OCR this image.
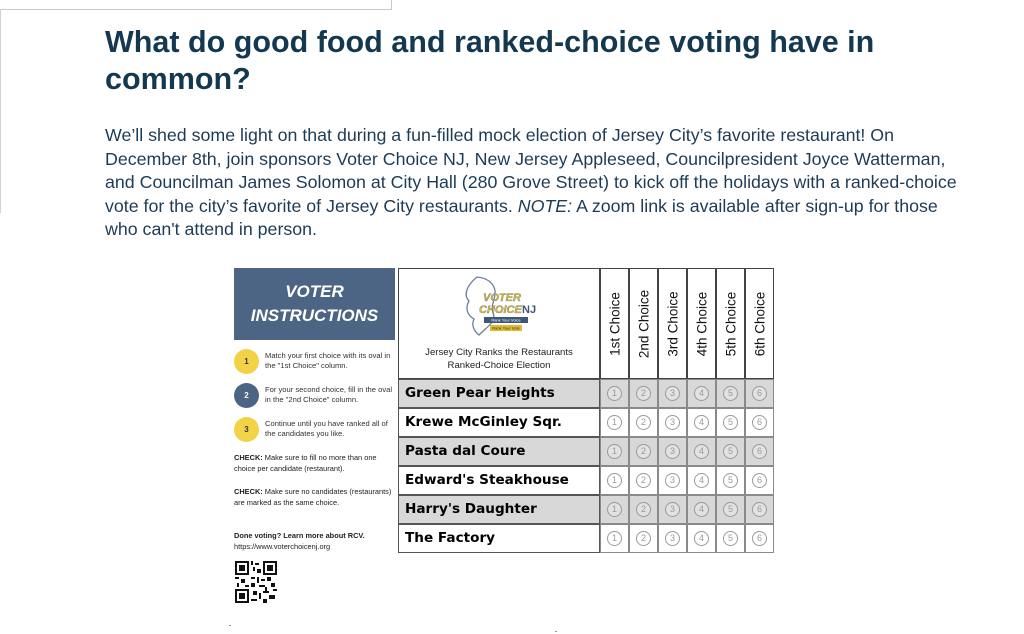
What do good food and ranked-choice voting have in common?

We’ll shed some light on that during a fun-filled mock election of Jersey City’s favorite restaurant! On December 8th, join sponsors Voter Choice NJ, New Jersey Appleseed, Councilpresident Joyce Watterman, and Councilman James Solomon at City Hall (280 Grove Street) to kick off the holidays with a ranked-choice vote for the city’s favorite of Jersey City restaurants. NOTE: A zoom link is available after sign-up for those who can't attend in person.

VOTER
INSTRUCTIONS
1
Match your first choice with its oval in the "1st Choice" column.
2
For your second choice, fill in the oval in the "2nd Choice" column.
3
Continue until you have ranked all of the candidates you like.
CHECK: Make sure to fill no more than one choice per candidate (restaurant).
CHECK: Make sure no candidates (restaurants) are marked as the same choice.
Done voting? Learn more about RCV.
https://www.voterchoicenj.org
VOTER
CHOICE NJ
Rank Your Voice
Rank Your Vote
Jersey City Ranks the Restaurants
Ranked-Choice Election
1st Choice 2nd Choice 3rd Choice 4th Choice 5th Choice 6th Choice
Green Pear Heights	1	2	3	4	5	6
Krewe McGinley Sqr.	1	2	3	4	5	6
Pasta dal Coure	1	2	3	4	5	6
Edward's Steakhouse	1	2	3	4	5	6
Harry's Daughter	1	2	3	4	5	6
The Factory	1	2	3	4	5	6
